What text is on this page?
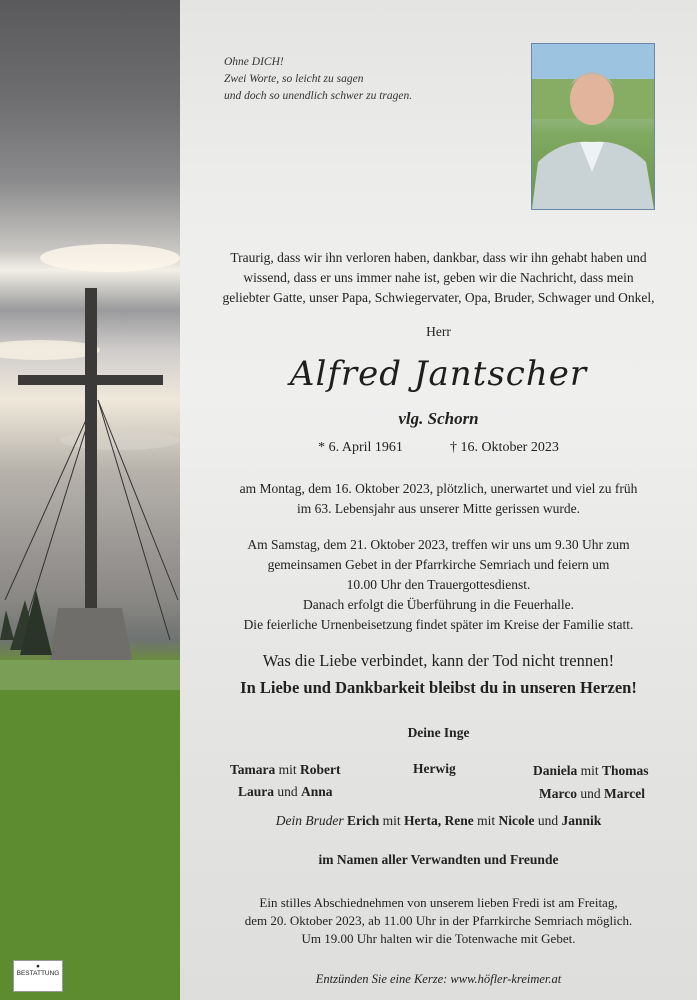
●
BESTATTUNG
Ohne DICH!
Zwei Worte, so leicht zu sagen
und doch so unendlich schwer zu tragen.
Traurig, dass wir ihn verloren haben, dankbar, dass wir ihn gehabt haben und
wissend, dass er uns immer nahe ist, geben wir die Nachricht, dass mein
geliebter Gatte, unser Papa, Schwiegervater, Opa, Bruder, Schwager und Onkel,
Herr
Alfred Jantscher
vlg. Schorn
* 6. April 1961	† 16. Oktober 2023
am Montag, dem 16. Oktober 2023, plötzlich, unerwartet und viel zu früh
im 63. Lebensjahr aus unserer Mitte gerissen wurde.
Am Samstag, dem 21. Oktober 2023, treffen wir uns um 9.30 Uhr zum
gemeinsamen Gebet in der Pfarrkirche Semriach und feiern um
10.00 Uhr den Trauergottesdienst.
Danach erfolgt die Überführung in die Feuerhalle.
Die feierliche Urnenbeisetzung findet später im Kreise der Familie statt.
Was die Liebe verbindet, kann der Tod nicht trennen!
In Liebe und Dankbarkeit bleibst du in unseren Herzen!
Deine Inge
Tamara mit Robert
Laura und Anna
Herwig	Daniela mit Thomas
Marco und Marcel
Dein Bruder Erich mit Herta, Rene mit Nicole und Jannik
im Namen aller Verwandten und Freunde
Ein stilles Abschiednehmen von unserem lieben Fredi ist am Freitag,
dem 20. Oktober 2023, ab 11.00 Uhr in der Pfarrkirche Semriach möglich.
Um 19.00 Uhr halten wir die Totenwache mit Gebet.
Entzünden Sie eine Kerze: www.höfler-kreimer.at
